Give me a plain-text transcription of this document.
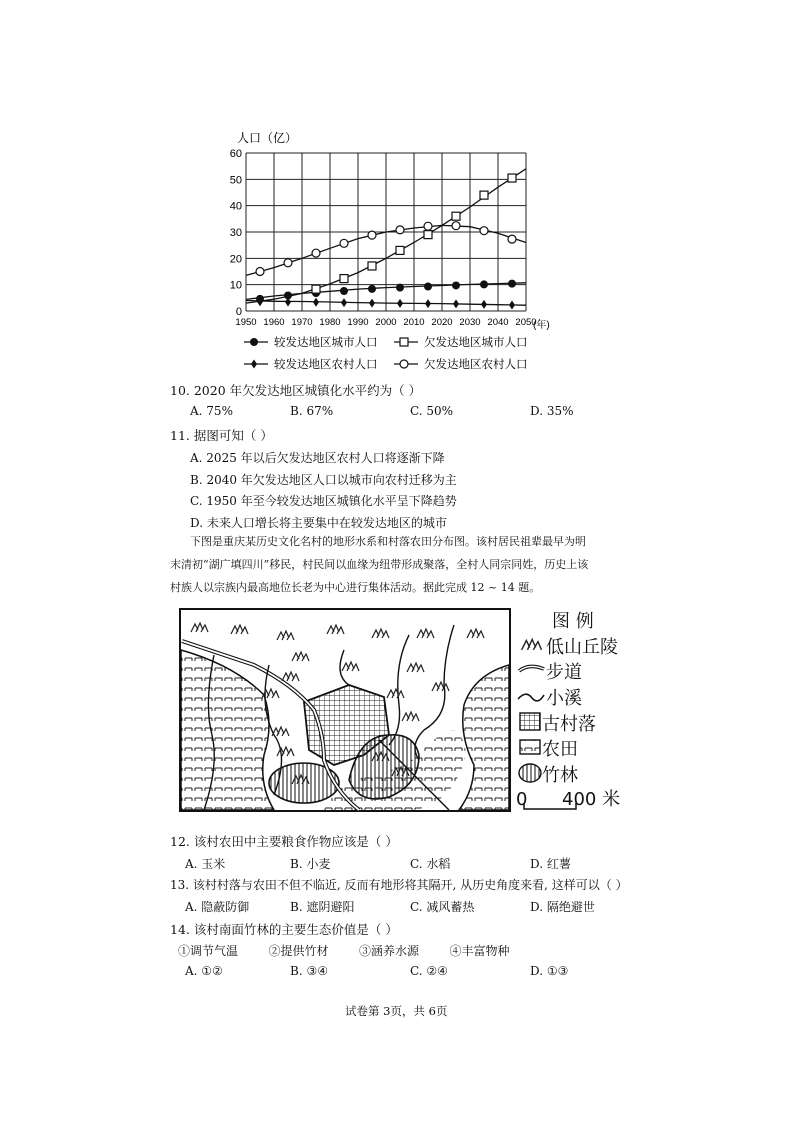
0
10
20
30
40
50
60
1950 1960 1970 1980 1990 2000 2010 2020 2030 2040 2050
人口（亿）
(年)
较发达地区城市人口	欠发达地区城市人口
较发达地区农村人口	欠发达地区农村人口
10. 2020 年欠发达地区城镇化水平约为（ ）
A. 75%	B. 67%	C. 50%	D. 35%
11. 据图可知（ ）
A. 2025 年以后欠发达地区农村人口将逐渐下降
B. 2040 年欠发达地区人口以城市向农村迁移为主
C. 1950 年至今较发达地区城镇化水平呈下降趋势
D. 未来人口增长将主要集中在较发达地区的城市
下图是重庆某历史文化名村的地形水系和村落农田分布图。该村居民祖辈最早为明
末清初“湖广填四川”移民，村民间以血缘为纽带形成聚落，全村人同宗同姓，历史上该
村族人以宗族内最高地位长老为中心进行集体活动。据此完成 12 ~ 14 题。
图 例
低山丘陵
步道
小溪
古村落
农田
竹林
0 400 米
12. 该村农田中主要粮食作物应该是（ ）
A. 玉米	B. 小麦	C. 水稻	D. 红薯
13. 该村村落与农田不但不临近, 反而有地形将其隔开, 从历史角度来看, 这样可以（ ）
A. 隐蔽防御	B. 遮阴避阳	C. 减风蓄热	D. 隔绝避世
14. 该村南面竹林的主要生态价值是（ ）
①调节气温        ②提供竹材        ③涵养水源        ④丰富物种
A. ①②	B. ③④	C. ②④	D. ①③
试卷第 3页，共 6页
